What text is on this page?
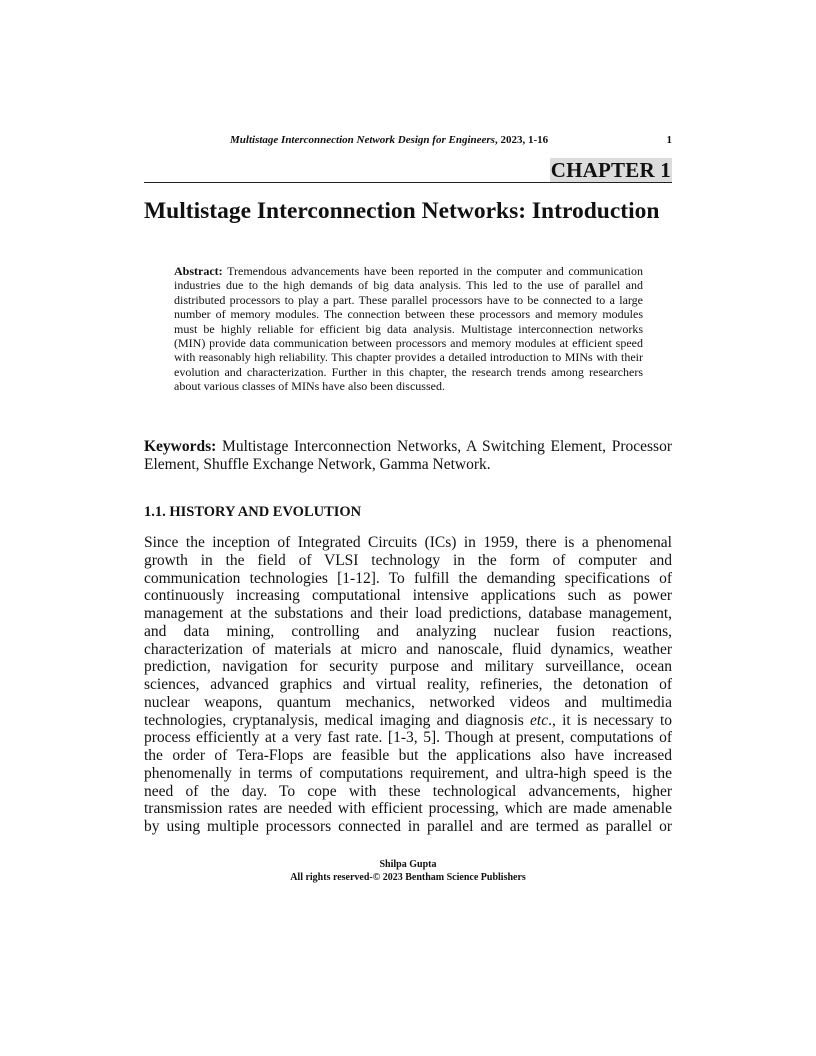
Multistage Interconnection Network Design for Engineers, 2023, 1-16	1
CHAPTER 1
Multistage Interconnection Networks: Introduction

Abstract: Tremendous advancements have been reported in the computer and communication industries due to the high demands of big data analysis. This led to the use of parallel and distributed processors to play a part. These parallel processors have to be connected to a large number of memory modules. The connection between these processors and memory modules must be highly reliable for efficient big data analysis. Multistage interconnection networks (MIN) provide data communication between processors and memory modules at efficient speed with reasonably high reliability. This chapter provides a detailed introduction to MINs with their evolution and characterization. Further in this chapter, the research trends among researchers about various classes of MINs have also been discussed.

Keywords: Multistage Interconnection Networks, A Switching Element, Processor Element, Shuffle Exchange Network, Gamma Network.

1.1. HISTORY AND EVOLUTION
Since the inception of Integrated Circuits (ICs) in 1959, there is a phenomenal
growth in the field of VLSI technology in the form of computer and
communication technologies [1-12]. To fulfill the demanding specifications of
continuously increasing computational intensive applications such as power
management at the substations and their load predictions, database management,
and data mining, controlling and analyzing nuclear fusion reactions,
characterization of materials at micro and nanoscale, fluid dynamics, weather
prediction, navigation for security purpose and military surveillance, ocean
sciences, advanced graphics and virtual reality, refineries, the detonation of
nuclear weapons, quantum mechanics, networked videos and multimedia
technologies, cryptanalysis, medical imaging and diagnosis etc., it is necessary to
process efficiently at a very fast rate. [1-3, 5]. Though at present, computations of
the order of Tera-Flops are feasible but the applications also have increased
phenomenally in terms of computations requirement, and ultra-high speed is the
need of the day. To cope with these technological advancements, higher
transmission rates are needed with efficient processing, which are made amenable
by using multiple processors connected in parallel and are termed as parallel or
Shilpa Gupta
All rights reserved-© 2023 Bentham Science Publishers
